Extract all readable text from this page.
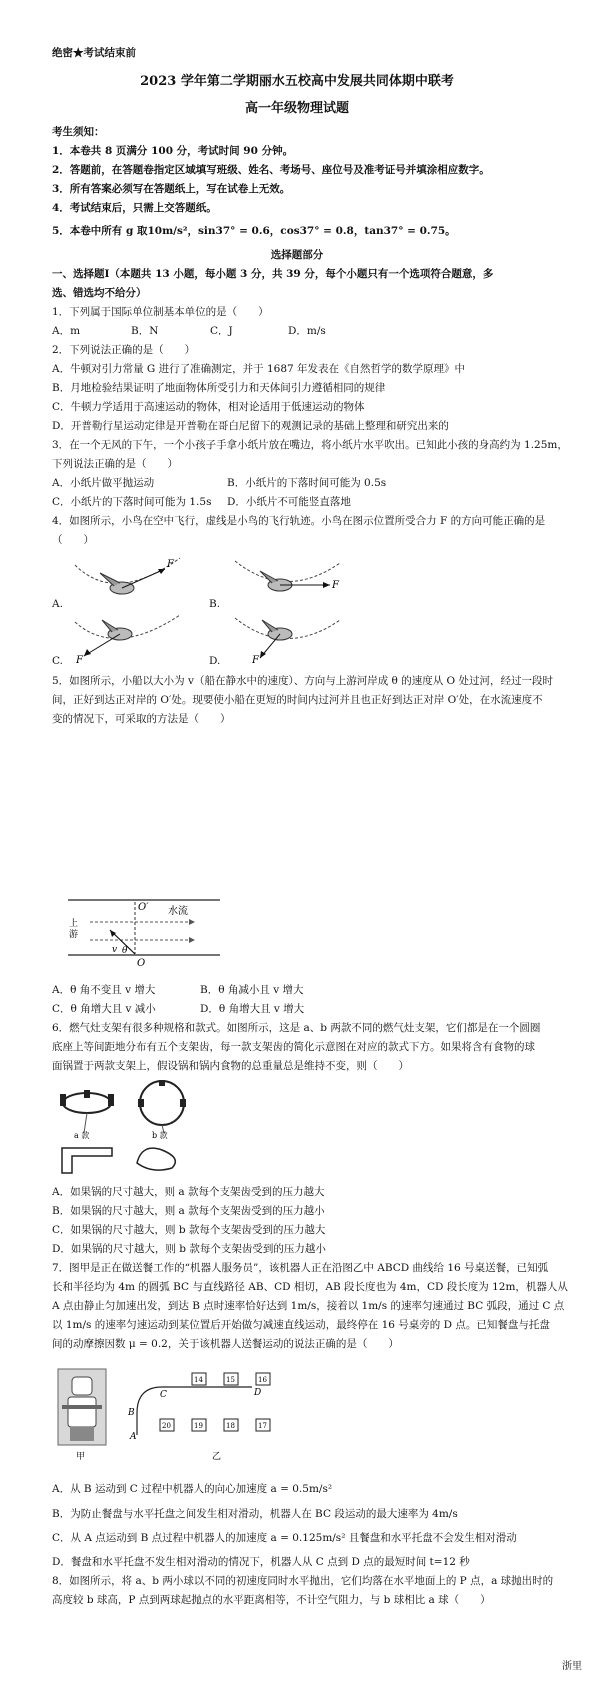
绝密★考试结束前
2023 学年第二学期丽水五校高中发展共同体期中联考
高一年级物理试题
考生须知：
1．本卷共 8 页满分 100 分，考试时间 90 分钟。
2．答题前，在答题卷指定区域填写班级、姓名、考场号、座位号及准考证号并填涂相应数字。
3．所有答案必须写在答题纸上，写在试卷上无效。
4．考试结束后，只需上交答题纸。
5．本卷中所有 g 取10m/s²，sin37° = 0.6，cos37° = 0.8，tan37° = 0.75。
选择题部分
一、选择题Ⅰ（本题共 13 小题，每小题 3 分，共 39 分，每个小题只有一个选项符合题意，多
选、错选均不给分）
1．下列属于国际单位制基本单位的是（　　）
A．m	B．N	C．J	D．m/s
2．下列说法正确的是（　　）
A．牛顿对引力常量 G 进行了准确测定，并于 1687 年发表在《自然哲学的数学原理》中
B．月地检验结果证明了地面物体所受引力和天体间引力遵循相同的规律
C．牛顿力学适用于高速运动的物体，相对论适用于低速运动的物体
D．开普勒行星运动定律是开普勒在哥白尼留下的观测记录的基础上整理和研究出来的
3．在一个无风的下午，一个小孩子手拿小纸片放在嘴边，将小纸片水平吹出。已知此小孩的身高约为 1.25m，
下列说法正确的是（　　）
A．小纸片做平抛运动	B．小纸片的下落时间可能为 0.5s
C．小纸片的下落时间可能为 1.5s D．小纸片不可能竖直落地
4．如图所示，小鸟在空中飞行，虚线是小鸟的飞行轨迹。小鸟在图示位置所受合力 F 的方向可能正确的是
（　　）
F
A.
F
B.
F
C.	F
D.
5．如图所示，小船以大小为 v（船在静水中的速度）、方向与上游河岸成 θ 的速度从 O 处过河，经过一段时
间，正好到达正对岸的 O′处。现要使小船在更短的时间内过河并且也正好到达正对岸 O′处，在水流速度不
变的情况下，可采取的方法是（　　）
O′ 水流
上
游
v θ
O
A．θ 角不变且 v 增大	B．θ 角减小且 v 增大
C．θ 角增大且 v 减小	D．θ 角增大且 v 增大
6．燃气灶支架有很多种规格和款式。如图所示，这是 a、b 两款不同的燃气灶支架，它们都是在一个圆圈
底座上等间距地分布有五个支架齿，每一款支架齿的简化示意图在对应的款式下方。如果将含有食物的球
面锅置于两款支架上，假设锅和锅内食物的总重量总是维持不变，则（　　）
a 款	b 款
A．如果锅的尺寸越大，则 a 款每个支架齿受到的压力越大
B．如果锅的尺寸越大，则 a 款每个支架齿受到的压力越小
C．如果锅的尺寸越大，则 b 款每个支架齿受到的压力越大
D．如果锅的尺寸越大，则 b 款每个支架齿受到的压力越小
7．图甲是正在做送餐工作的“机器人服务员”，该机器人正在沿图乙中 ABCD 曲线给 16 号桌送餐，已知弧
长和半径均为 4m 的圆弧 BC 与直线路径 AB、CD 相切，AB 段长度也为 4m，CD 段长度为 12m，机器人从
A 点由静止匀加速出发，到达 B 点时速率恰好达到 1m/s，接着以 1m/s 的速率匀速通过 BC 弧段，通过 C 点
以 1m/s 的速率匀速运动到某位置后开始做匀减速直线运动，最终停在 16 号桌旁的 D 点。已知餐盘与托盘
间的动摩擦因数 μ = 0.2，关于该机器人送餐运动的说法正确的是（　　）
甲
A
B
C	D
14	15	16
20	19	18	17
乙
A．从 B 运动到 C 过程中机器人的向心加速度 a = 0.5m/s²
B．为防止餐盘与水平托盘之间发生相对滑动，机器人在 BC 段运动的最大速率为 4m/s
C．从 A 点运动到 B 点过程中机器人的加速度 a = 0.125m/s² 且餐盘和水平托盘不会发生相对滑动
D．餐盘和水平托盘不发生相对滑动的情况下，机器人从 C 点到 D 点的最短时间 t=12 秒
8．如图所示，将 a、b 两小球以不同的初速度同时水平抛出，它们均落在水平地面上的 P 点，a 球抛出时的
高度较 b 球高，P 点到两球起抛点的水平距离相等，不计空气阻力，与 b 球相比 a 球（　　）
浙里
